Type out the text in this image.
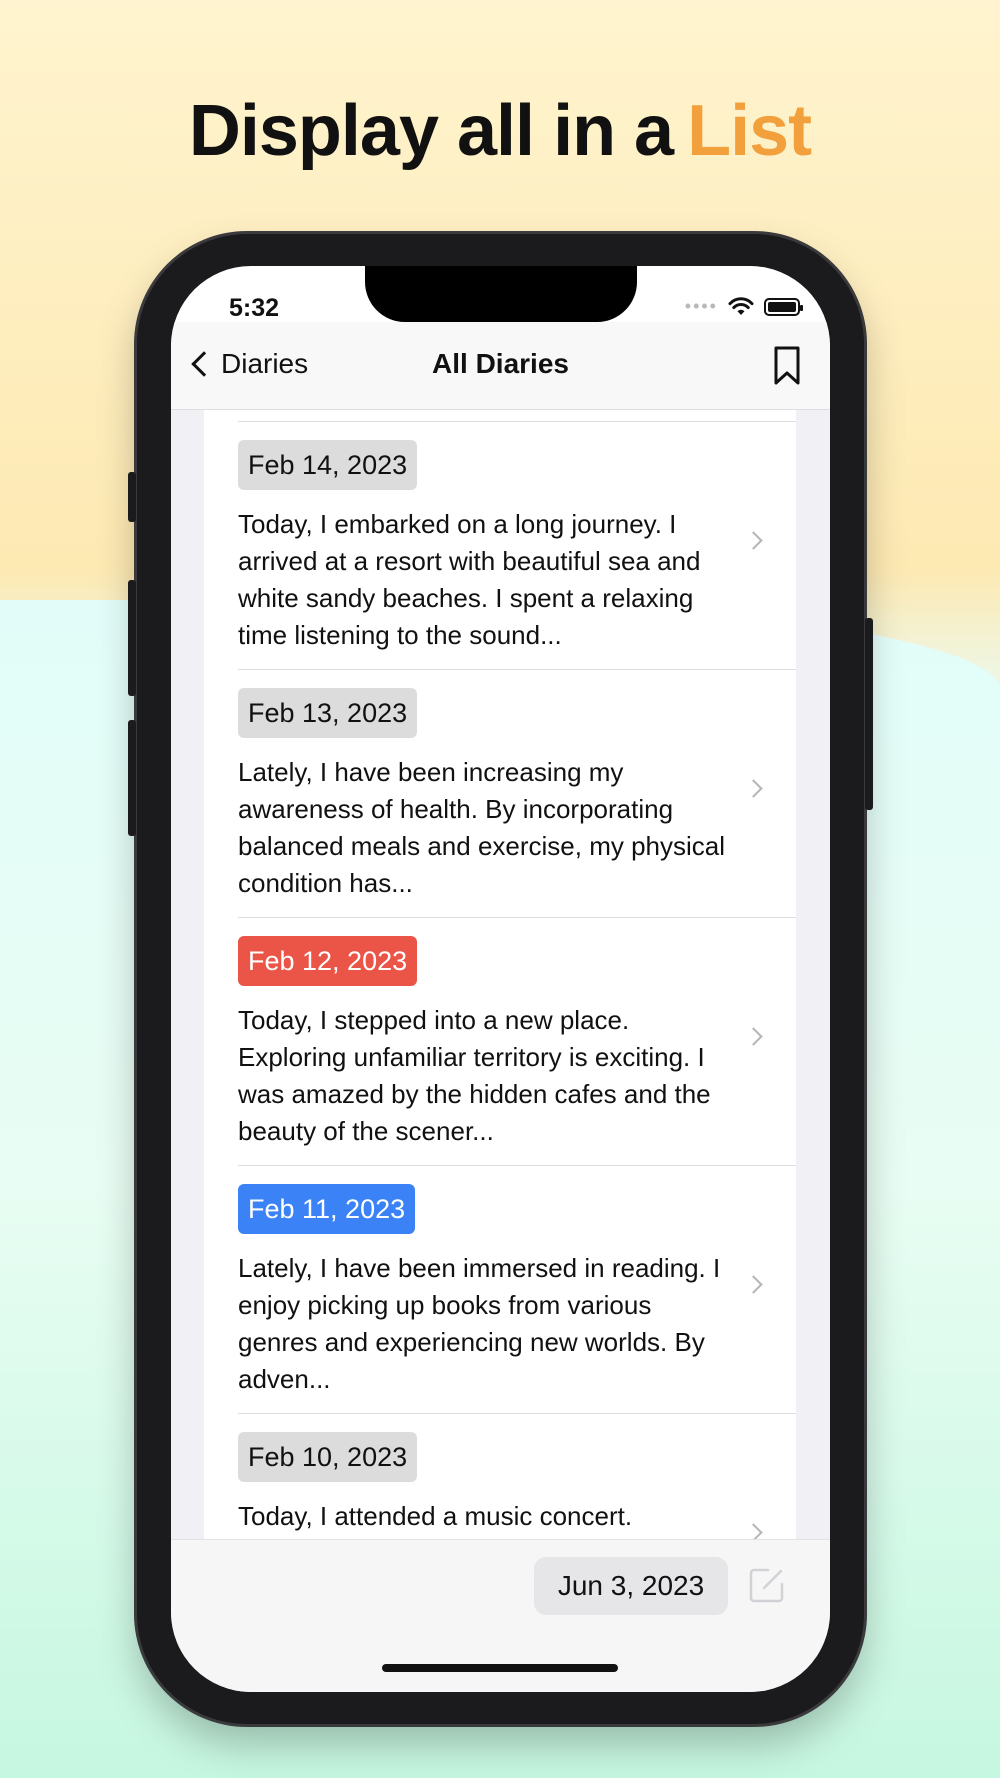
Display all in a List
5:32	••••
Diaries	All Diaries
Feb 14, 2023
Today, I embarked on a long journey. I arrived at a resort with beautiful sea and white sandy beaches. I spent a relaxing time listening to the sound...
Feb 13, 2023
Lately, I have been increasing my awareness of health. By incorporating balanced meals and exercise, my physical condition has...
Feb 12, 2023
Today, I stepped into a new place. Exploring unfamiliar territory is exciting. I was amazed by the hidden cafes and the beauty of the scener...
Feb 11, 2023
Lately, I have been immersed in reading. I enjoy picking up books from various genres and experiencing new worlds. By adven...
Feb 10, 2023
Today, I attended a music concert.
Jun 3, 2023
